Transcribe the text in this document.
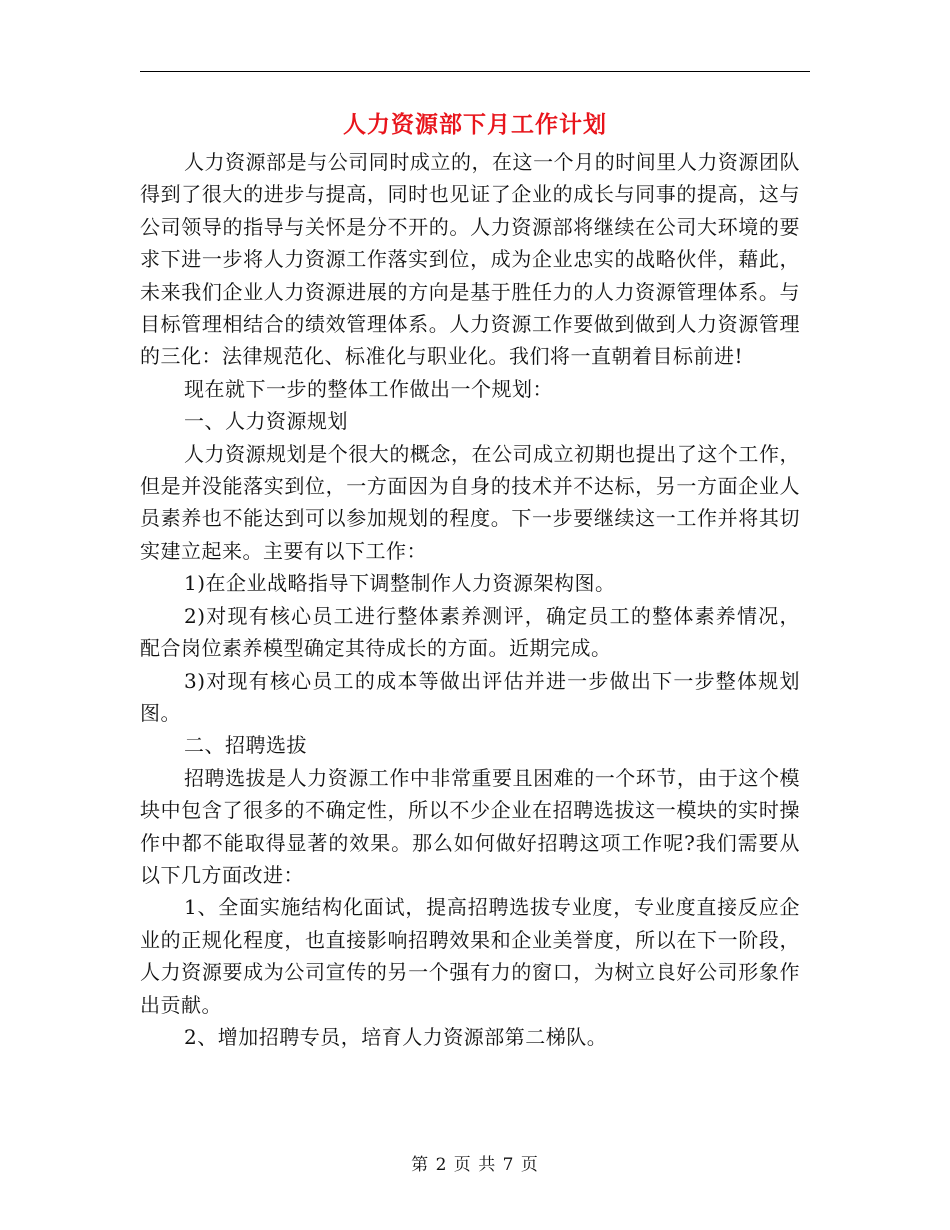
人力资源部下月工作计划

人力资源部是与公司同时成立的，在这一个月的时间里人力资源团队得到了很大的进步与提高，同时也见证了企业的成长与同事的提高，这与公司领导的指导与关怀是分不开的。人力资源部将继续在公司大环境的要求下进一步将人力资源工作落实到位，成为企业忠实的战略伙伴，藉此，未来我们企业人力资源进展的方向是基于胜任力的人力资源管理体系。与目标管理相结合的绩效管理体系。人力资源工作要做到做到人力资源管理的三化：法律规范化、标准化与职业化。我们将一直朝着目标前进!

现在就下一步的整体工作做出一个规划：

一、人力资源规划

人力资源规划是个很大的概念，在公司成立初期也提出了这个工作，但是并没能落实到位，一方面因为自身的技术并不达标，另一方面企业人员素养也不能达到可以参加规划的程度。下一步要继续这一工作并将其切实建立起来。主要有以下工作：

1)在企业战略指导下调整制作人力资源架构图。

2)对现有核心员工进行整体素养测评，确定员工的整体素养情况，配合岗位素养模型确定其待成长的方面。近期完成。

3)对现有核心员工的成本等做出评估并进一步做出下一步整体规划图。

二、招聘选拔

招聘选拔是人力资源工作中非常重要且困难的一个环节，由于这个模块中包含了很多的不确定性，所以不少企业在招聘选拔这一模块的实时操作中都不能取得显著的效果。那么如何做好招聘这项工作呢?我们需要从以下几方面改进：

1、全面实施结构化面试，提高招聘选拔专业度，专业度直接反应企业的正规化程度，也直接影响招聘效果和企业美誉度，所以在下一阶段，人力资源要成为公司宣传的另一个强有力的窗口，为树立良好公司形象作出贡献。

2、增加招聘专员，培育人力资源部第二梯队。

第 2 页 共 7 页
